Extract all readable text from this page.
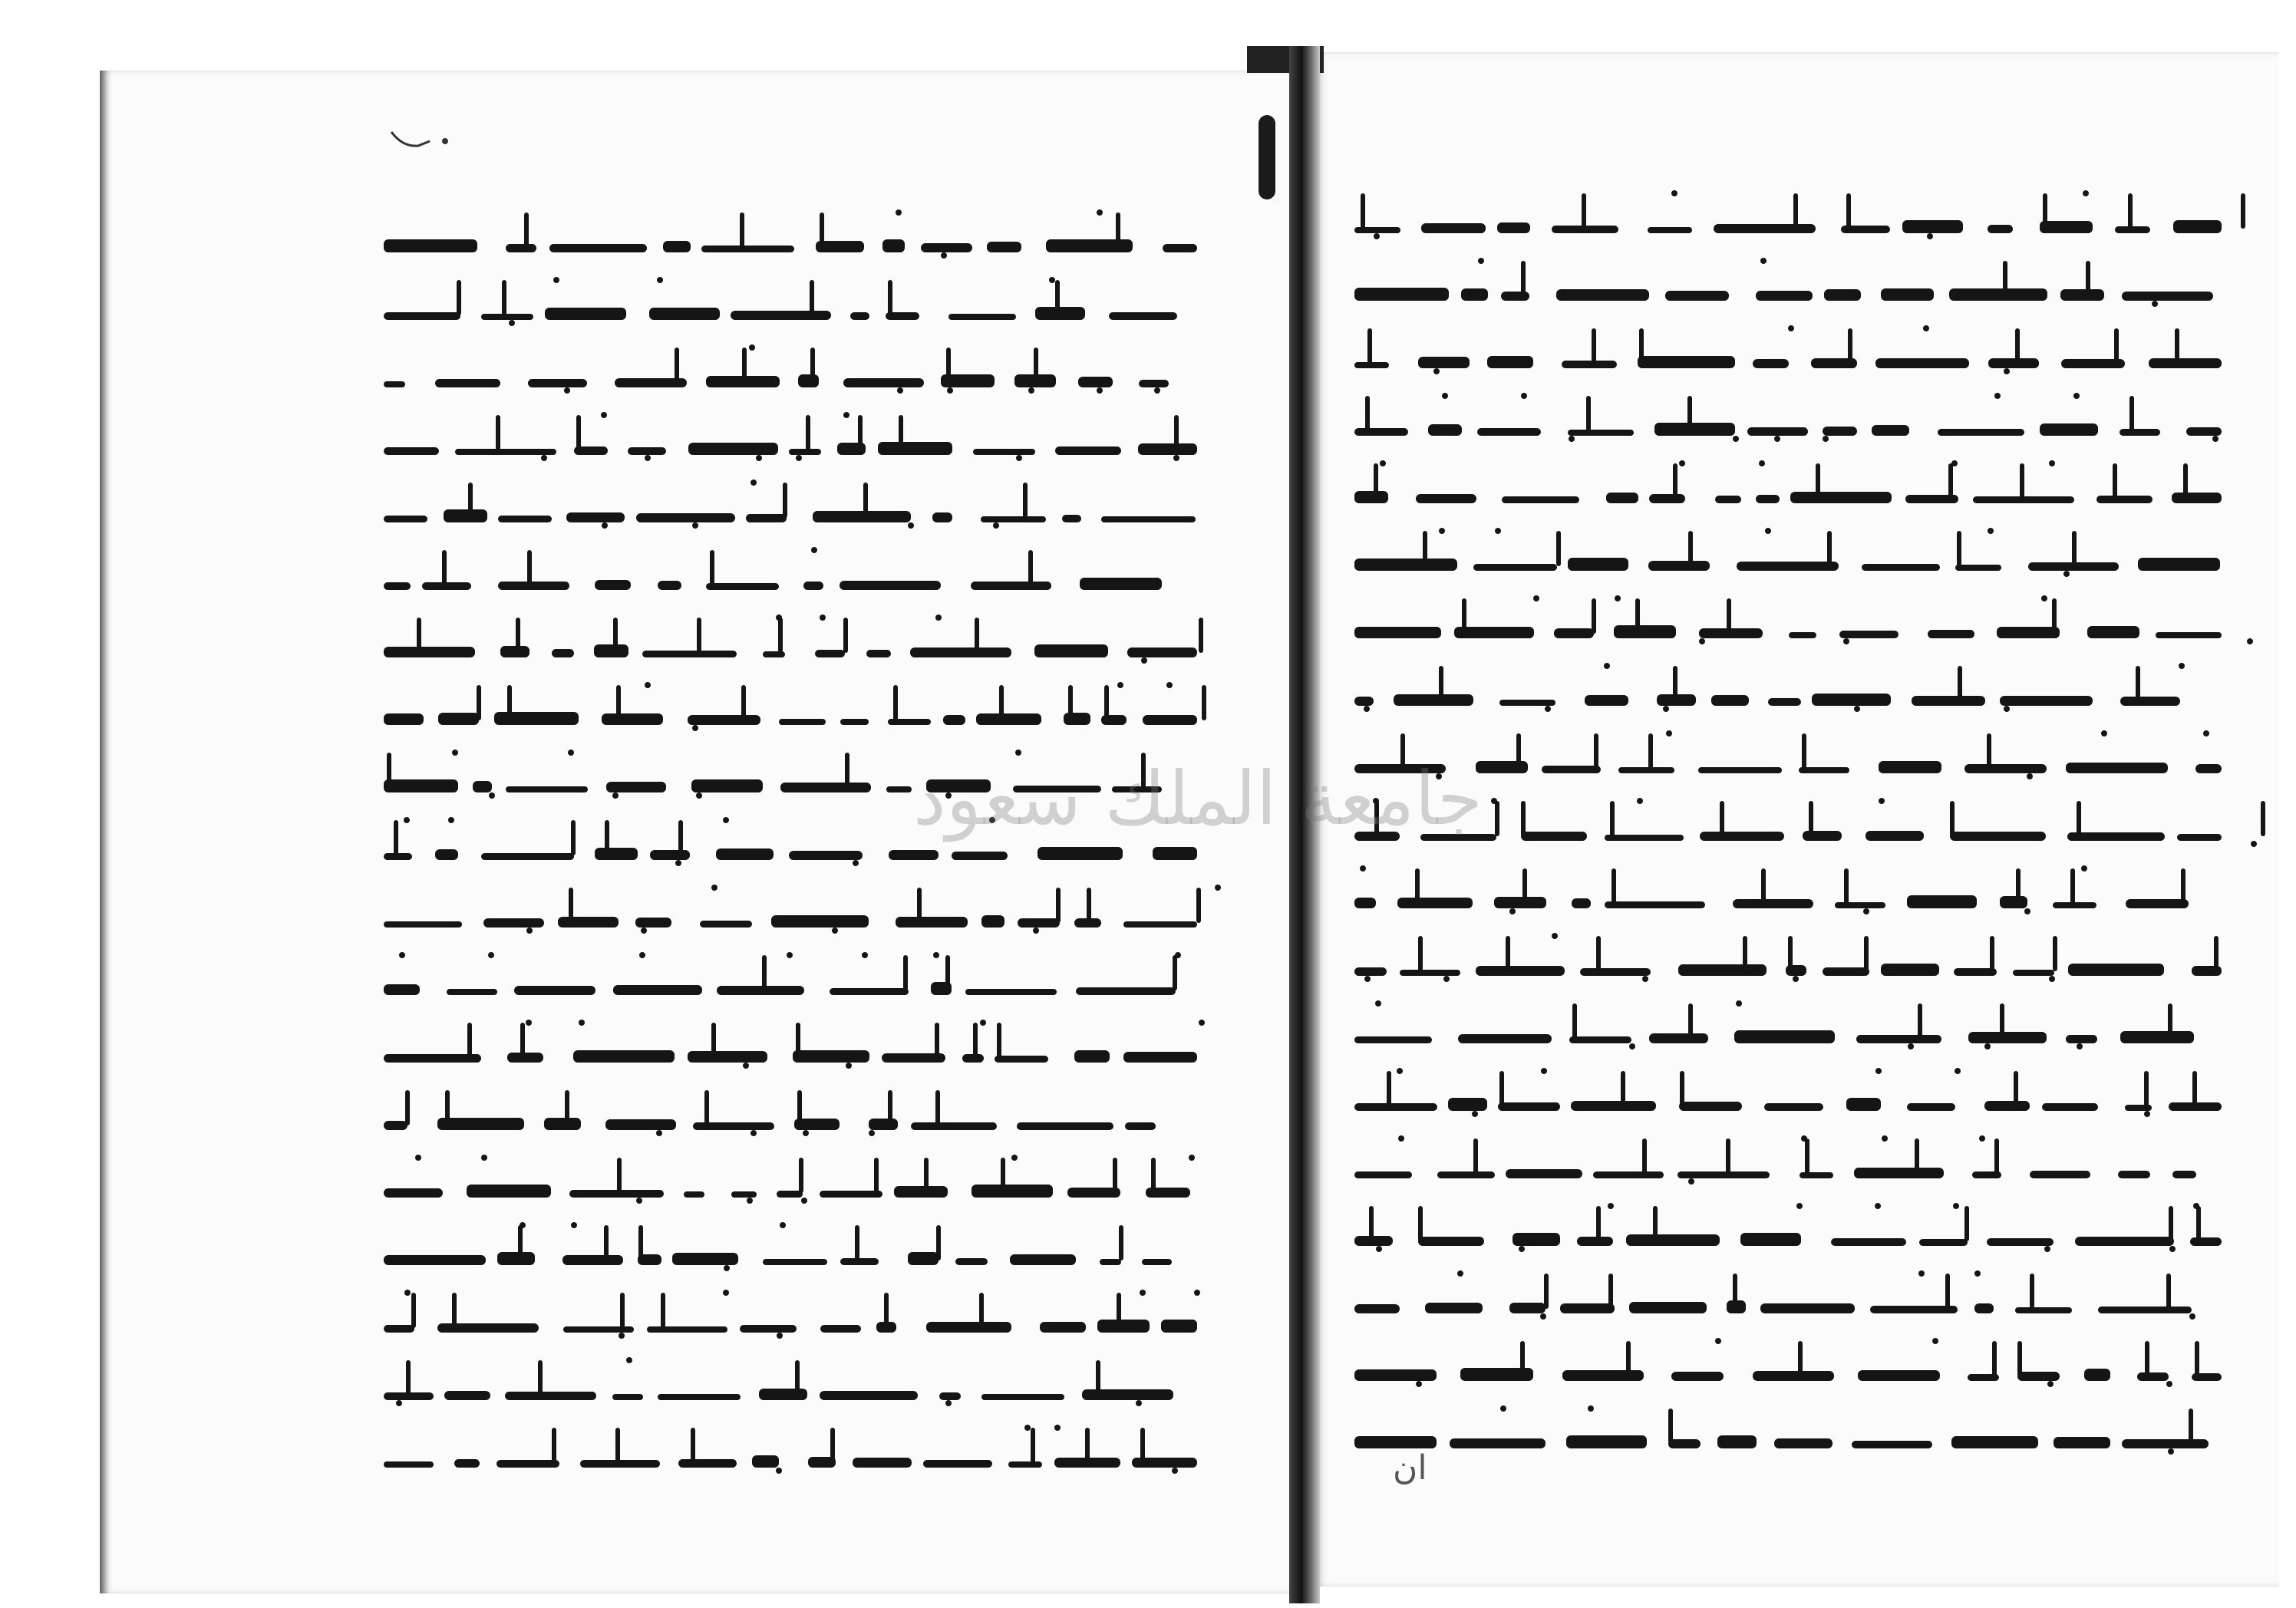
جامعة الملك سعود
ان
